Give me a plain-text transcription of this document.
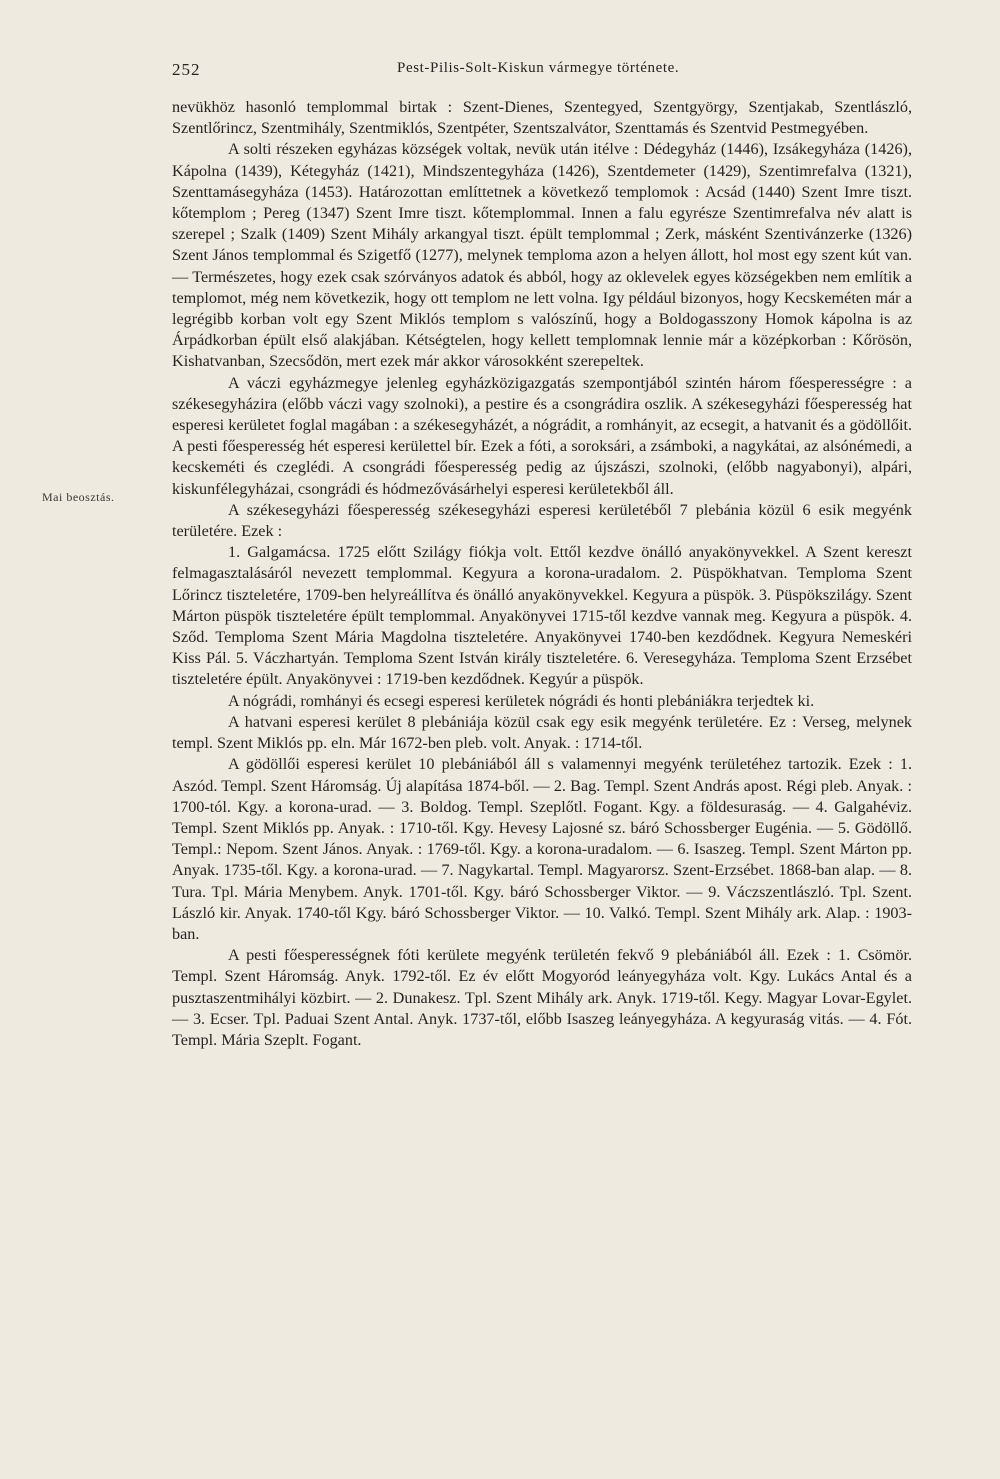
252	Pest-Pilis-Solt-Kiskun vármegye története.
Mai beosztás.

nevükhöz hasonló templommal birtak : Szent-Dienes, Szentegyed, Szentgyörgy, Szentjakab, Szentlászló, Szentlőrincz, Szentmihály, Szentmiklós, Szentpéter, Szentszalvátor, Szenttamás és Szentvid Pestmegyében.

A solti részeken egyházas községek voltak, nevük után itélve : Dédegyház (1446), Izsákegyháza (1426), Kápolna (1439), Kétegyház (1421), Mindszentegyháza (1426), Szentdemeter (1429), Szentimrefalva (1321), Szenttamásegyháza (1453). Határozottan említtetnek a következő templomok : Acsád (1440) Szent Imre tiszt. kőtemplom ; Pereg (1347) Szent Imre tiszt. kőtemplommal. Innen a falu egyrésze Szentimrefalva név alatt is szerepel ; Szalk (1409) Szent Mihály arkangyal tiszt. épült templommal ; Zerk, másként Szentivánzerke (1326) Szent János templommal és Szigetfő (1277), melynek temploma azon a helyen állott, hol most egy szent kút van. — Természetes, hogy ezek csak szórványos adatok és abból, hogy az oklevelek egyes községekben nem említik a templomot, még nem következik, hogy ott templom ne lett volna. Igy például bizonyos, hogy Kecskeméten már a legrégibb korban volt egy Szent Miklós templom s valószínű, hogy a Boldogasszony Homok kápolna is az Árpádkorban épült első alakjában. Kétségtelen, hogy kellett templomnak lennie már a középkorban : Kőrösön, Kishatvanban, Szecsődön, mert ezek már akkor városokként szerepeltek.

A váczi egyházmegye jelenleg egyházközigazgatás szempontjából szintén három főesperességre : a székesegyházira (előbb váczi vagy szolnoki), a pestire és a csongrádira oszlik. A székesegyházi főesperesség hat esperesi kerületet foglal magában : a székesegyházét, a nógrádit, a romhányit, az ecsegit, a hatvanit és a gödöllőit. A pesti főesperesség hét esperesi kerülettel bír. Ezek a fóti, a soroksári, a zsámboki, a nagykátai, az alsónémedi, a kecskeméti és czeglédi. A csongrádi főesperesség pedig az újszászi, szolnoki, (előbb nagyabonyi), alpári, kiskunfélegyházai, csongrádi és hódmezővásárhelyi esperesi kerületekből áll.

A székesegyházi főesperesség székesegyházi esperesi kerületéből 7 plebánia közül 6 esik megyénk területére. Ezek :

1. Galgamácsa. 1725 előtt Szilágy fiókja volt. Ettől kezdve önálló anyakönyvekkel. A Szent kereszt felmagasztalásáról nevezett templommal. Kegyura a korona-uradalom. 2. Püspökhatvan. Temploma Szent Lőrincz tiszteletére, 1709-ben helyreállítva és önálló anyakönyvekkel. Kegyura a püspök. 3. Püspökszilágy. Szent Márton püspök tiszteletére épült templommal. Anyakönyvei 1715-től kezdve vannak meg. Kegyura a püspök. 4. Sződ. Temploma Szent Mária Magdolna tiszteletére. Anyakönyvei 1740-ben kezdődnek. Kegyura Nemeskéri Kiss Pál. 5. Váczhartyán. Temploma Szent István király tiszteletére. 6. Veresegyháza. Temploma Szent Erzsébet tiszteletére épült. Anyakönyvei : 1719-ben kezdődnek. Kegyúr a püspök.

A nógrádi, romhányi és ecsegi esperesi kerületek nógrádi és honti plebániákra terjedtek ki.

A hatvani esperesi kerület 8 plebániája közül csak egy esik megyénk területére. Ez : Verseg, melynek templ. Szent Miklós pp. eln. Már 1672-ben pleb. volt. Anyak. : 1714-től.

A gödöllői esperesi kerület 10 plebániából áll s valamennyi megyénk területéhez tartozik. Ezek : 1. Aszód. Templ. Szent Háromság. Új alapítása 1874-ből. — 2. Bag. Templ. Szent András apost. Régi pleb. Anyak. : 1700-tól. Kgy. a korona-urad. — 3. Boldog. Templ. Szeplőtl. Fogant. Kgy. a földesuraság. — 4. Galgahéviz. Templ. Szent Miklós pp. Anyak. : 1710-től. Kgy. Hevesy Lajosné sz. báró Schossberger Eugénia. — 5. Gödöllő. Templ.: Nepom. Szent János. Anyak. : 1769-től. Kgy. a korona-uradalom. — 6. Isaszeg. Templ. Szent Márton pp. Anyak. 1735-től. Kgy. a korona-urad. — 7. Nagykartal. Templ. Magyarorsz. Szent-Erzsébet. 1868-ban alap. — 8. Tura. Tpl. Mária Menybem. Anyk. 1701-től. Kgy. báró Schossberger Viktor. — 9. Váczszentlászló. Tpl. Szent. László kir. Anyak. 1740-től Kgy. báró Schossberger Viktor. — 10. Valkó. Templ. Szent Mihály ark. Alap. : 1903-ban.

A pesti főesperességnek fóti kerülete megyénk területén fekvő 9 plebániából áll. Ezek : 1. Csömör. Templ. Szent Háromság. Anyk. 1792-től. Ez év előtt Mogyoród leányegyháza volt. Kgy. Lukács Antal és a pusztaszentmihályi közbirt. — 2. Dunakesz. Tpl. Szent Mihály ark. Anyk. 1719-től. Kegy. Magyar Lovar-Egylet. — 3. Ecser. Tpl. Paduai Szent Antal. Anyk. 1737-től, előbb Isaszeg leányegyháza. A kegyuraság vitás. — 4. Fót. Templ. Mária Szeplt. Fogant.
